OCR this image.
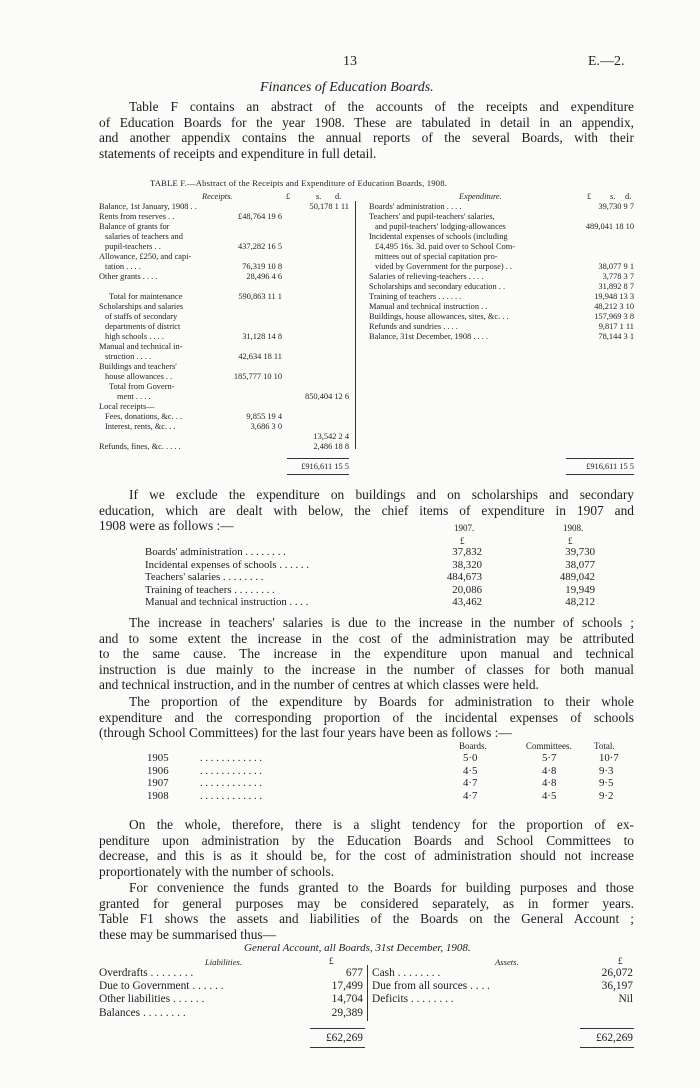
13	E.—2.
Finances of Education Boards.
Table F contains an abstract of the accounts of the receipts and expenditure
of Education Boards for the year 1908. These are tabulated in detail in an appendix,
and another appendix contains the annual reports of the several Boards, with their
statements of receipts and expenditure in full detail.
TABLE F.—Abstract of the Receipts and Expenditure of Education Boards, 1908.
Receipts.	£	s. d.
Balance, 1st January, 1908 . .	50,178 1 11
Rents from reserves . .	£48,764 19 6
Balance of grants for
salaries of teachers and
pupil-teachers . .	437,282 16 5
Allowance, £250, and capi-
tation . . . .	76,319 10 8
Other grants . . . .	28,496 4 6
Total for maintenance	590,863 11 1
Scholarships and salaries
of staffs of secondary
departments of district
high schools . . . .	31,128 14 8
Manual and technical in-
struction . . . .	42,634 18 11
Buildings and teachers'
house allowances . .	185,777 10 10
Total from Govern-
ment . . . .	850,404 12 6
Local receipts—
Fees, donations, &c. . .	9,855 19 4
Interest, rents, &c. . .	3,686 3 0
13,542 2 4
Refunds, fines, &c. . . . .	2,486 18 8
Expenditure.	£ s. d.
Boards' administration . . . .	39,730 9 7
Teachers' and pupil-teachers' salaries,
and pupil-teachers' lodging-allowances	489,041 18 10
Incidental expenses of schools (including
£4,495 16s. 3d. paid over to School Com-
mittees out of special capitation pro-
vided by Government for the purpose) . .	38,077 9 1
Salaries of relieving-teachers . . . .	3,778 3 7
Scholarships and secondary education . .	31,892 8 7
Training of teachers . . . . . .	19,948 13 3
Manual and technical instruction . .	48,212 3 10
Buildings, house allowances, sites, &c. . .	157,969 3 8
Refunds and sundries . . . .	9,817 1 11
Balance, 31st December, 1908 . . . .	78,144 3 1
£916,611 15 5	£916,611 15 5
If we exclude the expenditure on buildings and on scholarships and secondary
education, which are dealt with below, the chief items of expenditure in 1907 and
1908 were as follows :—	1907.	1908.
£	£
Boards' administration . . . . . . . .	37,832	39,730
Incidental expenses of schools . . . . . .	38,320	38,077
Teachers' salaries . . . . . . . .	484,673	489,042
Training of teachers . . . . . . . .	20,086	19,949
Manual and technical instruction . . . .	43,462	48,212
The increase in teachers' salaries is due to the increase in the number of schools ;
and to some extent the increase in the cost of the administration may be attributed
to the same cause. The increase in the expenditure upon manual and technical
instruction is due mainly to the increase in the number of classes for both manual
and technical instruction, and in the number of centres at which classes were held.
The proportion of the expenditure by Boards for administration to their whole
expenditure and the corresponding proportion of the incidental expenses of schools
(through School Committees) for the last four years have been as follows :—
Boards.	Committees. Total.
1905	. . . . . . . . . . . .	5·0	5·7	10·7
1906	. . . . . . . . . . . .	4·5	4·8	9·3
1907	. . . . . . . . . . . .	4·7	4·8	9·5
1908	. . . . . . . . . . . .	4·7	4·5	9·2
On the whole, therefore, there is a slight tendency for the proportion of ex-
penditure upon administration by the Education Boards and School Committees to
decrease, and this is as it should be, for the cost of administration should not increase
proportionately with the number of schools.
For convenience the funds granted to the Boards for building purposes and those
granted for general purposes may be considered separately, as in former years.
Table F1 shows the assets and liabilities of the Boards on the General Account ;
these may be summarised thus—
General Account, all Boards, 31st December, 1908.
Liabilities.	£	Assets.	£
Overdrafts . . . . . . . .	677
Due to Government . . . . . .	17,499
Other liabilities . . . . . .	14,704
Balances . . . . . . . .	29,389
Cash . . . . . . . .	26,072
Due from all sources . . . .	36,197
Deficits . . . . . . . .	Nil
£62,269	£62,269
